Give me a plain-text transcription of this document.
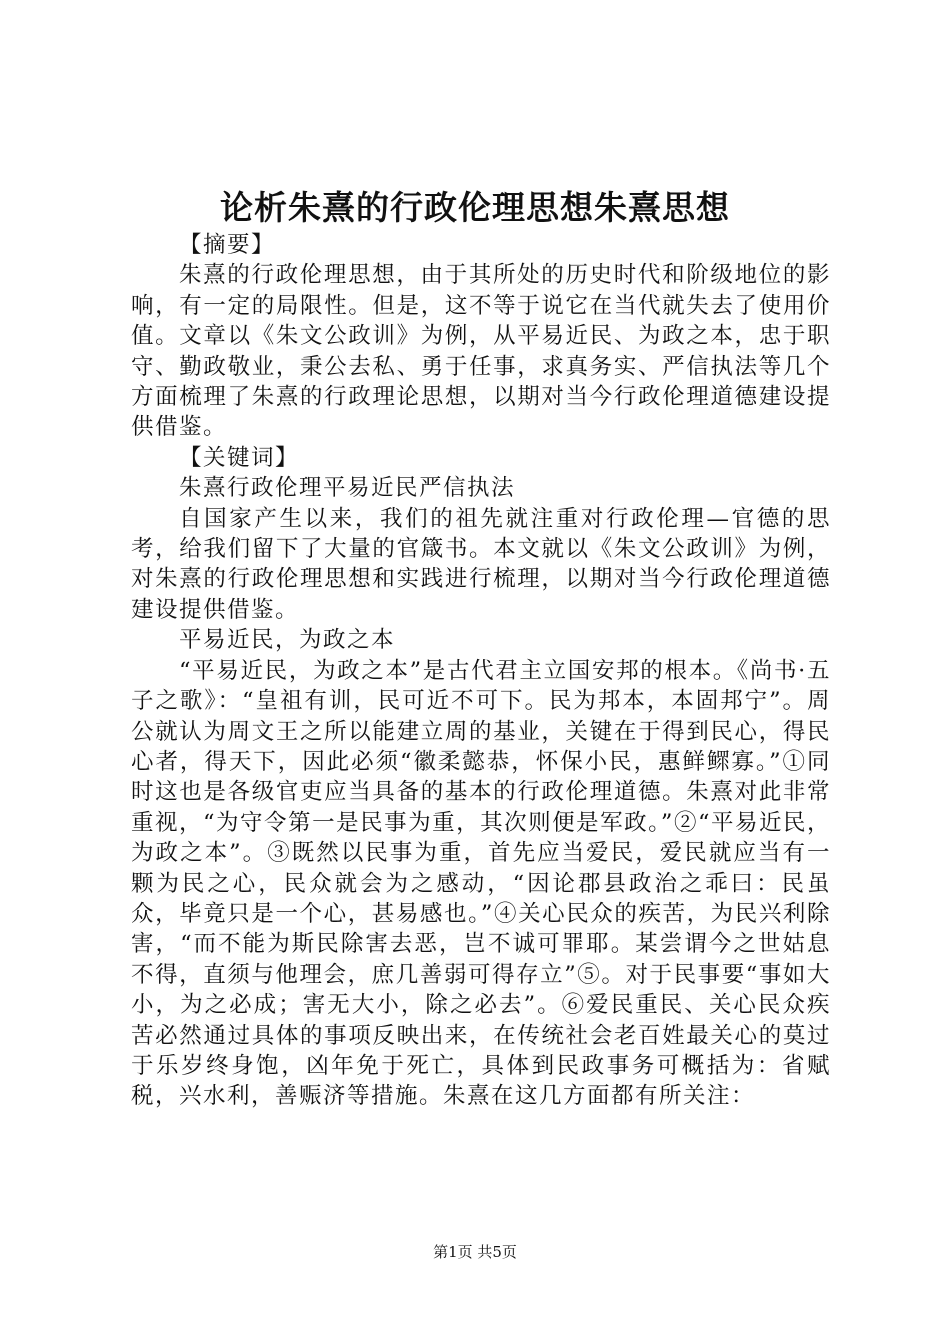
论析朱熹的行政伦理思想朱熹思想

【摘要】

朱熹的行政伦理思想，由于其所处的历史时代和阶级地位的影响，有一定的局限性。但是，这不等于说它在当代就失去了使用价值。文章以《朱文公政训》为例，从平易近民、为政之本，忠于职守、勤政敬业，秉公去私、勇于任事，求真务实、严信执法等几个方面梳理了朱熹的行政理论思想，以期对当今行政伦理道德建设提供借鉴。

【关键词】

朱熹行政伦理平易近民严信执法

自国家产生以来，我们的祖先就注重对行政伦理—官德的思考，给我们留下了大量的官箴书。本文就以《朱文公政训》为例，对朱熹的行政伦理思想和实践进行梳理，以期对当今行政伦理道德建设提供借鉴。

平易近民，为政之本

“平易近民，为政之本”是古代君主立国安邦的根本。《尚书·五子之歌》：“皇祖有训，民可近不可下。民为邦本，本固邦宁”。周公就认为周文王之所以能建立周的基业，关键在于得到民心，得民心者，得天下，因此必须“徽柔懿恭，怀保小民，惠鲜鳏寡。”①同时这也是各级官吏应当具备的基本的行政伦理道德。朱熹对此非常重视，“为守令第一是民事为重，其次则便是军政。”②“平易近民，为政之本”。③既然以民事为重，首先应当爱民，爱民就应当有一颗为民之心，民众就会为之感动，“因论郡县政治之乖曰：民虽众，毕竟只是一个心，甚易感也。”④关心民众的疾苦，为民兴利除害，“而不能为斯民除害去恶，岂不诚可罪耶。某尝谓今之世姑息不得，直须与他理会，庶几善弱可得存立”⑤。对于民事要“事如大小，为之必成；害无大小，除之必去”。⑥爱民重民、关心民众疾苦必然通过具体的事项反映出来，在传统社会老百姓最关心的莫过于乐岁终身饱，凶年免于死亡，具体到民政事务可概括为：省赋税，兴水利，善赈济等措施。朱熹在这几方面都有所关注：

第1页 共5页
